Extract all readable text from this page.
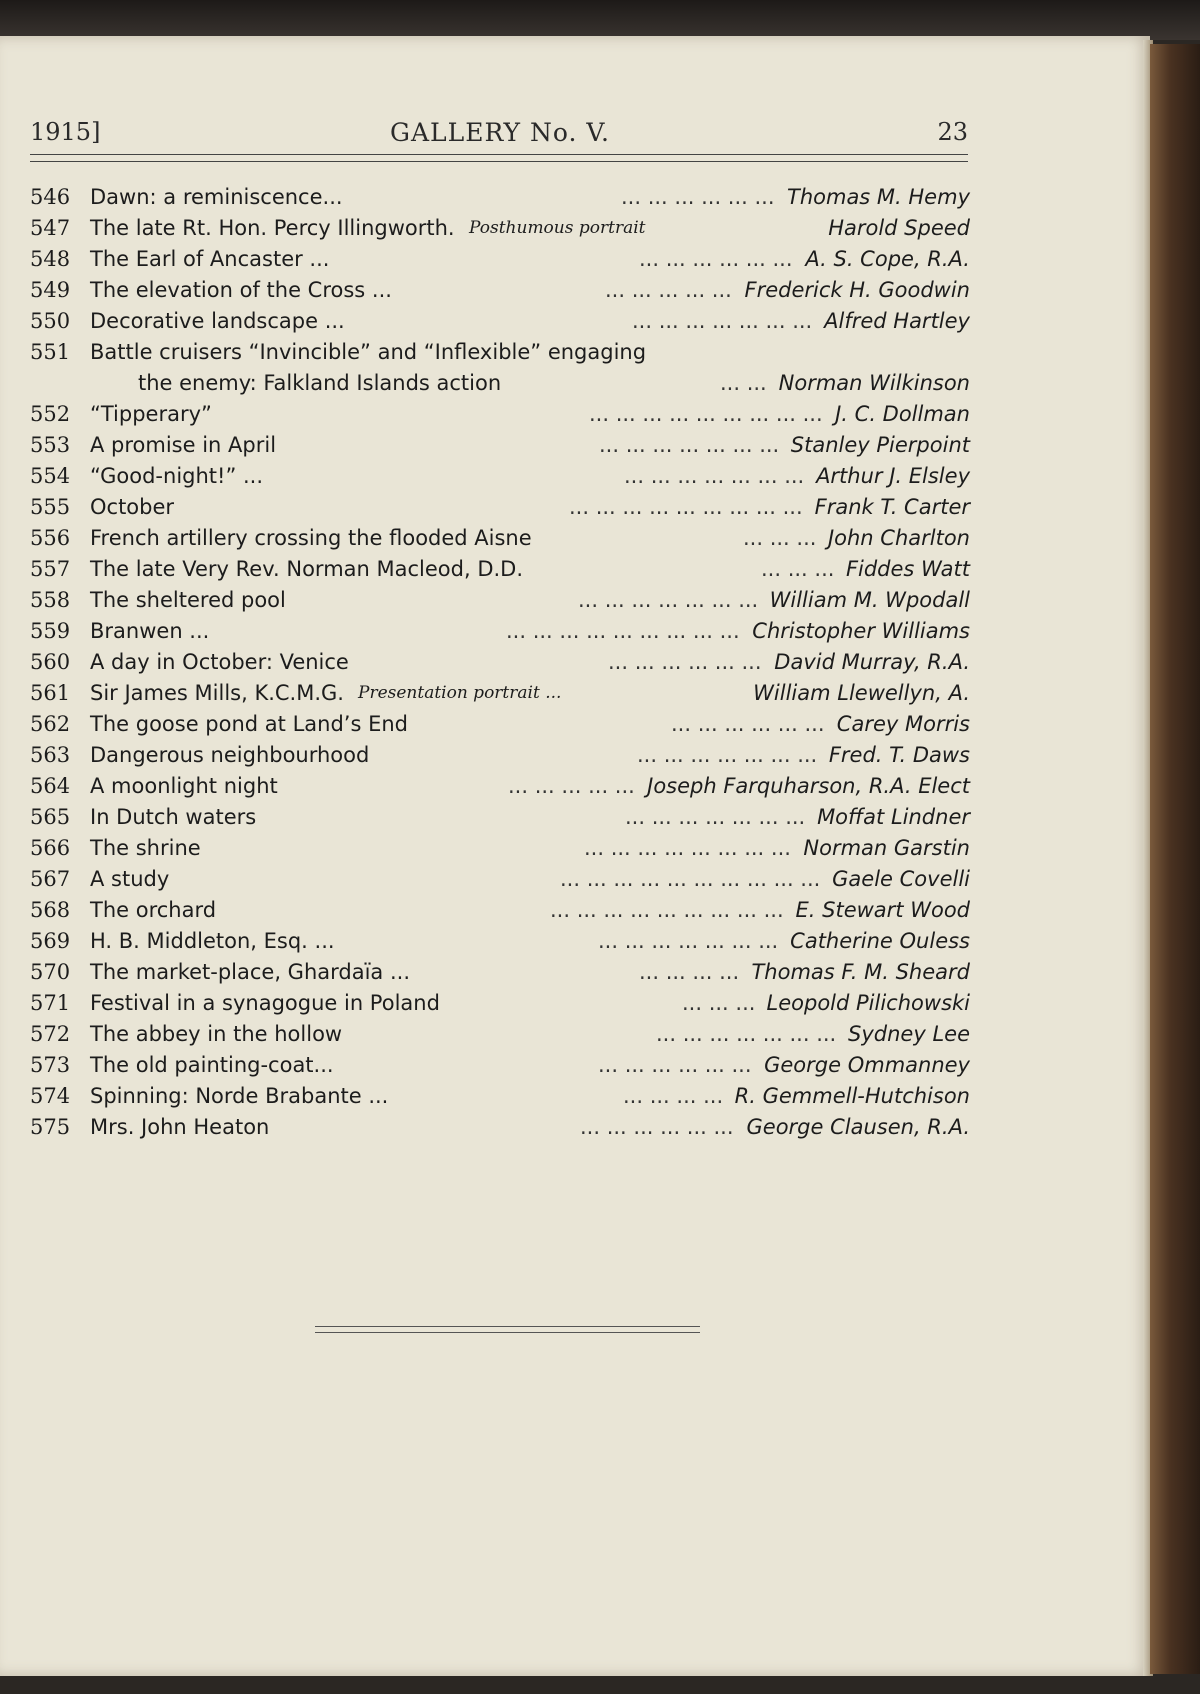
1915]	GALLERY No. V.	23
546 Dawn: a reminiscence...	... ... ... ... ... ... Thomas M. Hemy
547 The late Rt. Hon. Percy Illingworth. Posthumous portrait	Harold Speed
548 The Earl of Ancaster ...	... ... ... ... ... ... A. S. Cope, R.A.
549 The elevation of the Cross ...	... ... ... ... ... Frederick H. Goodwin
550 Decorative landscape ...	... ... ... ... ... ... ... Alfred Hartley
551 Battle cruisers “Invincible” and “Inflexible” engaging
the enemy: Falkland Islands action	... ... Norman Wilkinson
552 “Tipperary”	... ... ... ... ... ... ... ... ... J. C. Dollman
553 A promise in April	... ... ... ... ... ... ... Stanley Pierpoint
554 “Good-night!” ...	... ... ... ... ... ... ... Arthur J. Elsley
555 October	... ... ... ... ... ... ... ... ... Frank T. Carter
556 French artillery crossing the flooded Aisne	... ... ... John Charlton
557 The late Very Rev. Norman Macleod, D.D.	... ... ... Fiddes Watt
558 The sheltered pool	... ... ... ... ... ... ... William M. Wpodall
559 Branwen ...	... ... ... ... ... ... ... ... ... Christopher Williams
560 A day in October: Venice	... ... ... ... ... ... David Murray, R.A.
561 Sir James Mills, K.C.M.G. Presentation portrait ...	William Llewellyn, A.
562 The goose pond at Land’s End	... ... ... ... ... ... Carey Morris
563 Dangerous neighbourhood	... ... ... ... ... ... ... Fred. T. Daws
564 A moonlight night	... ... ... ... ... Joseph Farquharson, R.A. Elect
565 In Dutch waters	... ... ... ... ... ... ... Moffat Lindner
566 The shrine	... ... ... ... ... ... ... ... Norman Garstin
567 A study	... ... ... ... ... ... ... ... ... ... Gaele Covelli
568 The orchard	... ... ... ... ... ... ... ... ... E. Stewart Wood
569 H. B. Middleton, Esq. ...	... ... ... ... ... ... ... Catherine Ouless
570 The market-place, Ghardaïa ...	... ... ... ... Thomas F. M. Sheard
571 Festival in a synagogue in Poland	... ... ... Leopold Pilichowski
572 The abbey in the hollow	... ... ... ... ... ... ... Sydney Lee
573 The old painting-coat...	... ... ... ... ... ... George Ommanney
574 Spinning: Norde Brabante ...	... ... ... ... R. Gemmell-Hutchison
575 Mrs. John Heaton	... ... ... ... ... ... George Clausen, R.A.
